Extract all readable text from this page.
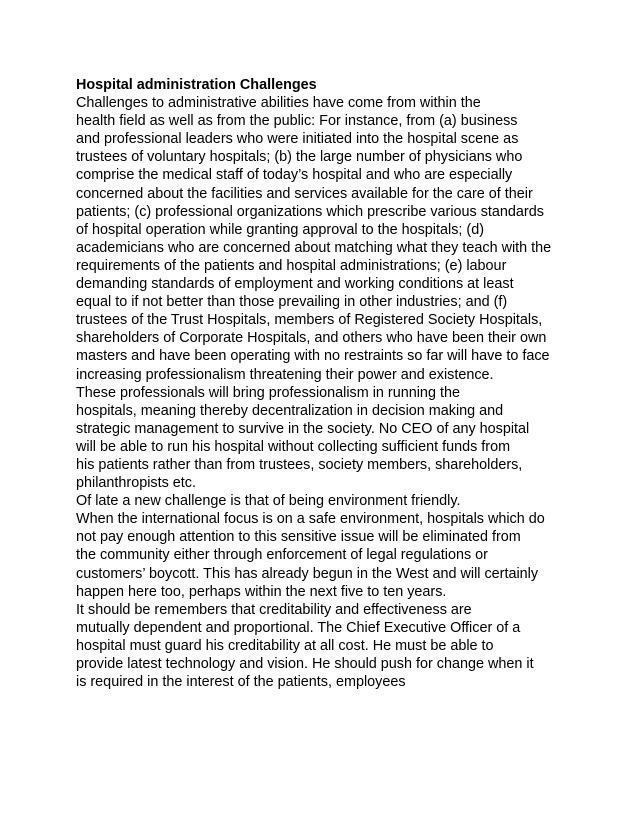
Hospital administration Challenges

Challenges to administrative abilities have come from within the

health field as well as from the public: For instance, from (a) business

and professional leaders who were initiated into the hospital scene as

trustees of voluntary hospitals; (b) the large number of physicians who

comprise the medical staff of today’s hospital and who are especially

concerned about the facilities and services available for the care of their

patients; (c) professional organizations which prescribe various standards

of hospital operation while granting approval to the hospitals; (d)

academicians who are concerned about matching what they teach with the

requirements of the patients and hospital administrations; (e) labour

demanding standards of employment and working conditions at least

equal to if not better than those prevailing in other industries; and (f)

trustees of the Trust Hospitals, members of Registered Society Hospitals,

shareholders of Corporate Hospitals, and others who have been their own

masters and have been operating with no restraints so far will have to face

increasing professionalism threatening their power and existence.

These professionals will bring professionalism in running the

hospitals, meaning thereby decentralization in decision making and

strategic management to survive in the society. No CEO of any hospital

will be able to run his hospital without collecting sufficient funds from

his patients rather than from trustees, society members, shareholders,

philanthropists etc.

Of late a new challenge is that of being environment friendly.

When the international focus is on a safe environment, hospitals which do

not pay enough attention to this sensitive issue will be eliminated from

the community either through enforcement of legal regulations or

customers’ boycott. This has already begun in the West and will certainly

happen here too, perhaps within the next five to ten years.

It should be remembers that creditability and effectiveness are

mutually dependent and proportional. The Chief Executive Officer of a

hospital must guard his creditability at all cost. He must be able to

provide latest technology and vision. He should push for change when it

is required in the interest of the patients, employees
